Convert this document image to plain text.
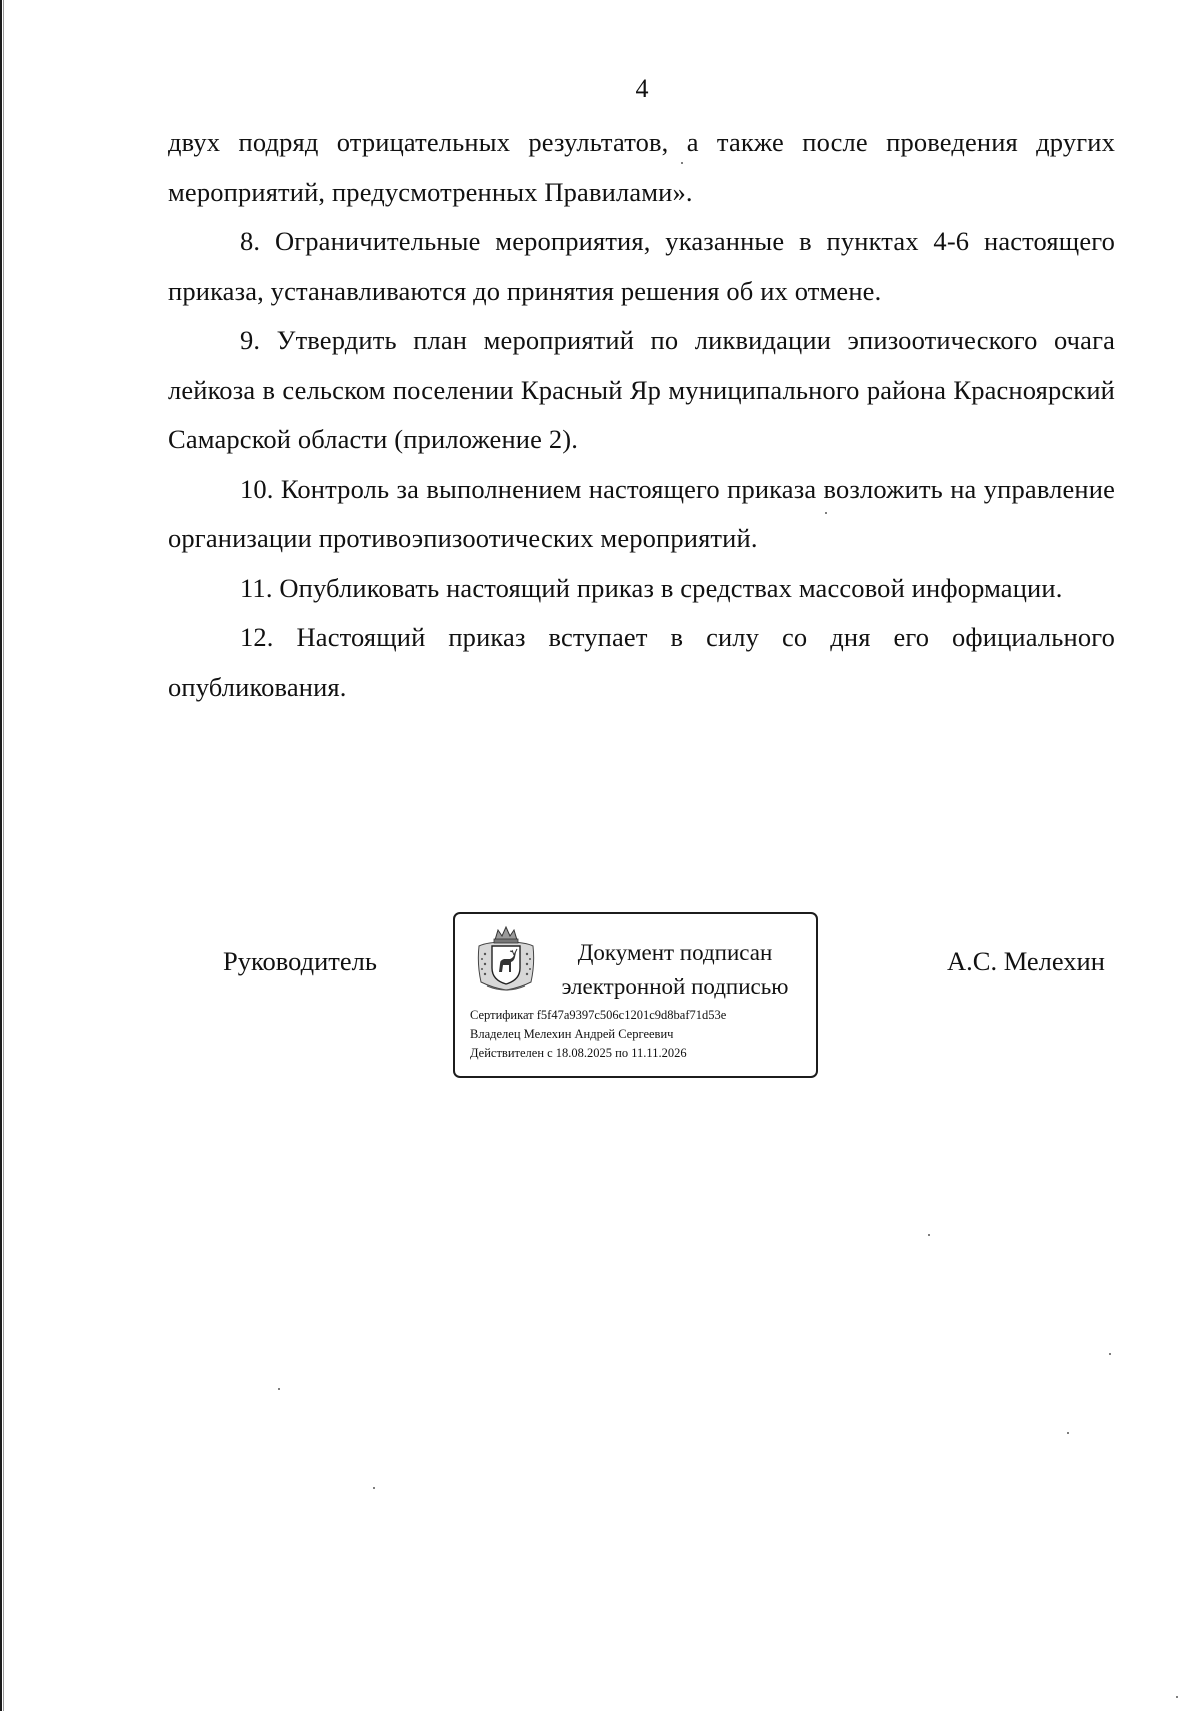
4

двух подряд отрицательных результатов, а также после проведения других мероприятий, предусмотренных Правилами».

8. Ограничительные мероприятия, указанные в пунктах 4-6 настоящего приказа, устанавливаются до принятия решения об их отмене.

9. Утвердить план мероприятий по ликвидации эпизоотического очага лейкоза в сельском поселении Красный Яр муниципального района Красноярский Самарской области (приложение 2).

10. Контроль за выполнением настоящего приказа возложить на управление организации противоэпизоотических мероприятий.

11. Опубликовать настоящий приказ в средствах массовой информации.

12. Настоящий приказ вступает в силу со дня его официального опубликования.

Руководитель	Документ подписан
электронной подписью
Сертификат f5f47a9397c506c1201c9d8baf71d53e
Владелец Мелехин Андрей Сергеевич
Действителен с 18.08.2025 по 11.11.2026
А.С. Мелехин
